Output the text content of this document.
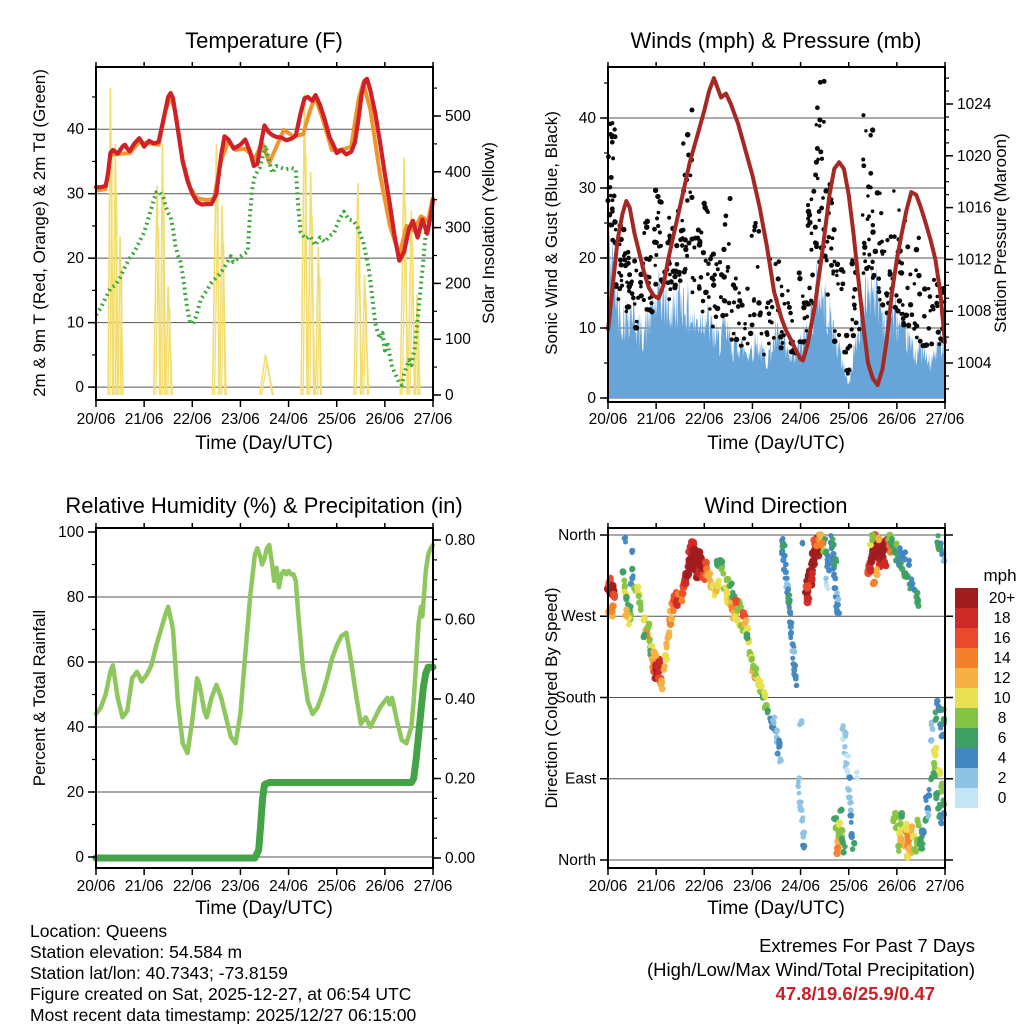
20/06 21/06 22/06 23/06 24/06 25/06 26/06 27/06
0
10
20
30
40
0
100
200
300
400
500
20/06 21/06 22/06 23/06 24/06 25/06 26/06 27/06
0
10
20
30
40
1004
1008
1012
1016
1020
1024
20/06 21/06 22/06 23/06 24/06 25/06 26/06 27/06
0
20
40
60
80
100
0.00
0.20
0.40
0.60
0.80
20/06 21/06 22/06 23/06 24/06 25/06 26/06 27/06
North
West
South
East
North
20+
18
16
14
12
10
8
6
4
2
0
Temperature (F)	Winds (mph) & Pressure (mb)
Relative Humidity (%) & Precipitation (in)	Wind Direction
Time (Day/UTC)	Time (Day/UTC)
Time (Day/UTC)	Time (Day/UTC)
2m & 9m T (Red, Orange) & 2m Td (Green)	Solar Insolation (Yellow)	Sonic Wind & Gust (Blue, Black)	Station Pressure (Maroon)
Percent & Total Rainfall	Direction (Colored By Speed)
mph
Location: Queens
Station elevation: 54.584 m
Station lat/lon: 40.7343; -73.8159
Figure created on Sat, 2025-12-27, at 06:54 UTC
Most recent data timestamp: 2025/12/27 06:15:00
Extremes For Past 7 Days
(High/Low/Max Wind/Total Precipitation)
47.8/19.6/25.9/0.47
